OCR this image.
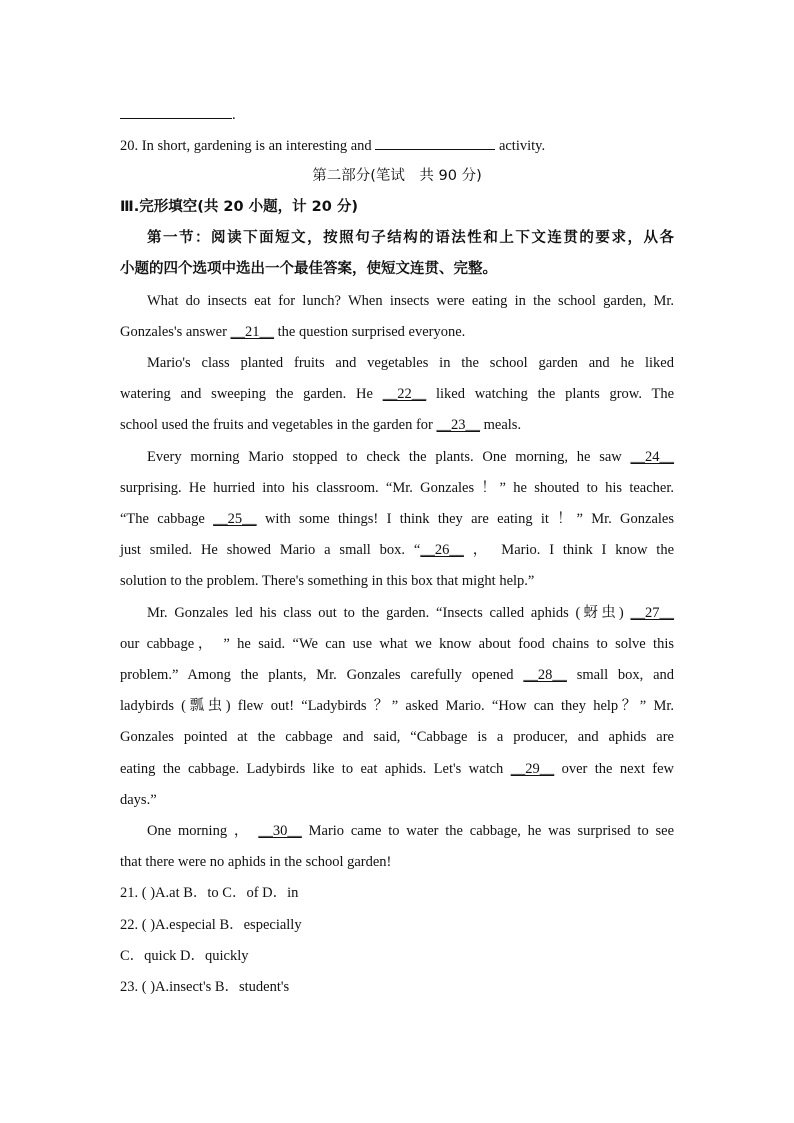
.
20. In short, gardening is an interesting and	activity.
第二部分(笔试　共 90 分)
Ⅲ.完形填空(共 20 小题，计 20 分)
第一节：阅读下面短文，按照句子结构的语法性和上下文连贯的要求，从各
小题的四个选项中选出一个最佳答案，使短文连贯、完整。
What do insects eat for lunch? When insects were eating in the school garden, Mr.
Gonzales's answer __21__ the question surprised everyone.
Mario's class planted fruits and vegetables in the school garden and he liked
watering and sweeping the garden. He __22__ liked watching the plants grow. The
school used the fruits and vegetables in the garden for __23__ meals.
Every morning Mario stopped to check the plants. One morning, he saw __24__
surprising. He hurried into his classroom. “Mr. Gonzales ！” he shouted to his teacher.
“The cabbage __25__ with some things! I think they are eating it ！” Mr. Gonzales
just smiled. He showed Mario a small box. “__26__ ， Mario. I think I know the
solution to the problem. There's something in this box that might help.”
Mr. Gonzales led his class out to the garden. “Insects called aphids (蚜虫) __27__
our cabbage， ” he said. “We can use what we know about food chains to solve this
problem.” Among the plants, Mr. Gonzales carefully opened __28__ small box, and
ladybirds (瓢虫) flew out! “Ladybirds ？” asked Mario. “How can they help？” Mr.
Gonzales pointed at the cabbage and said, “Cabbage is a producer, and aphids are
eating the cabbage. Ladybirds like to eat aphids. Let's watch __29__ over the next few
days.”
One morning ， __30__ Mario came to water the cabbage, he was surprised to see
that there were no aphids in the school garden!
21. ( )A.at B．to C．of D．in
22. ( )A.especial B．especially
C．quick D．quickly
23. ( )A.insect's B．student's
